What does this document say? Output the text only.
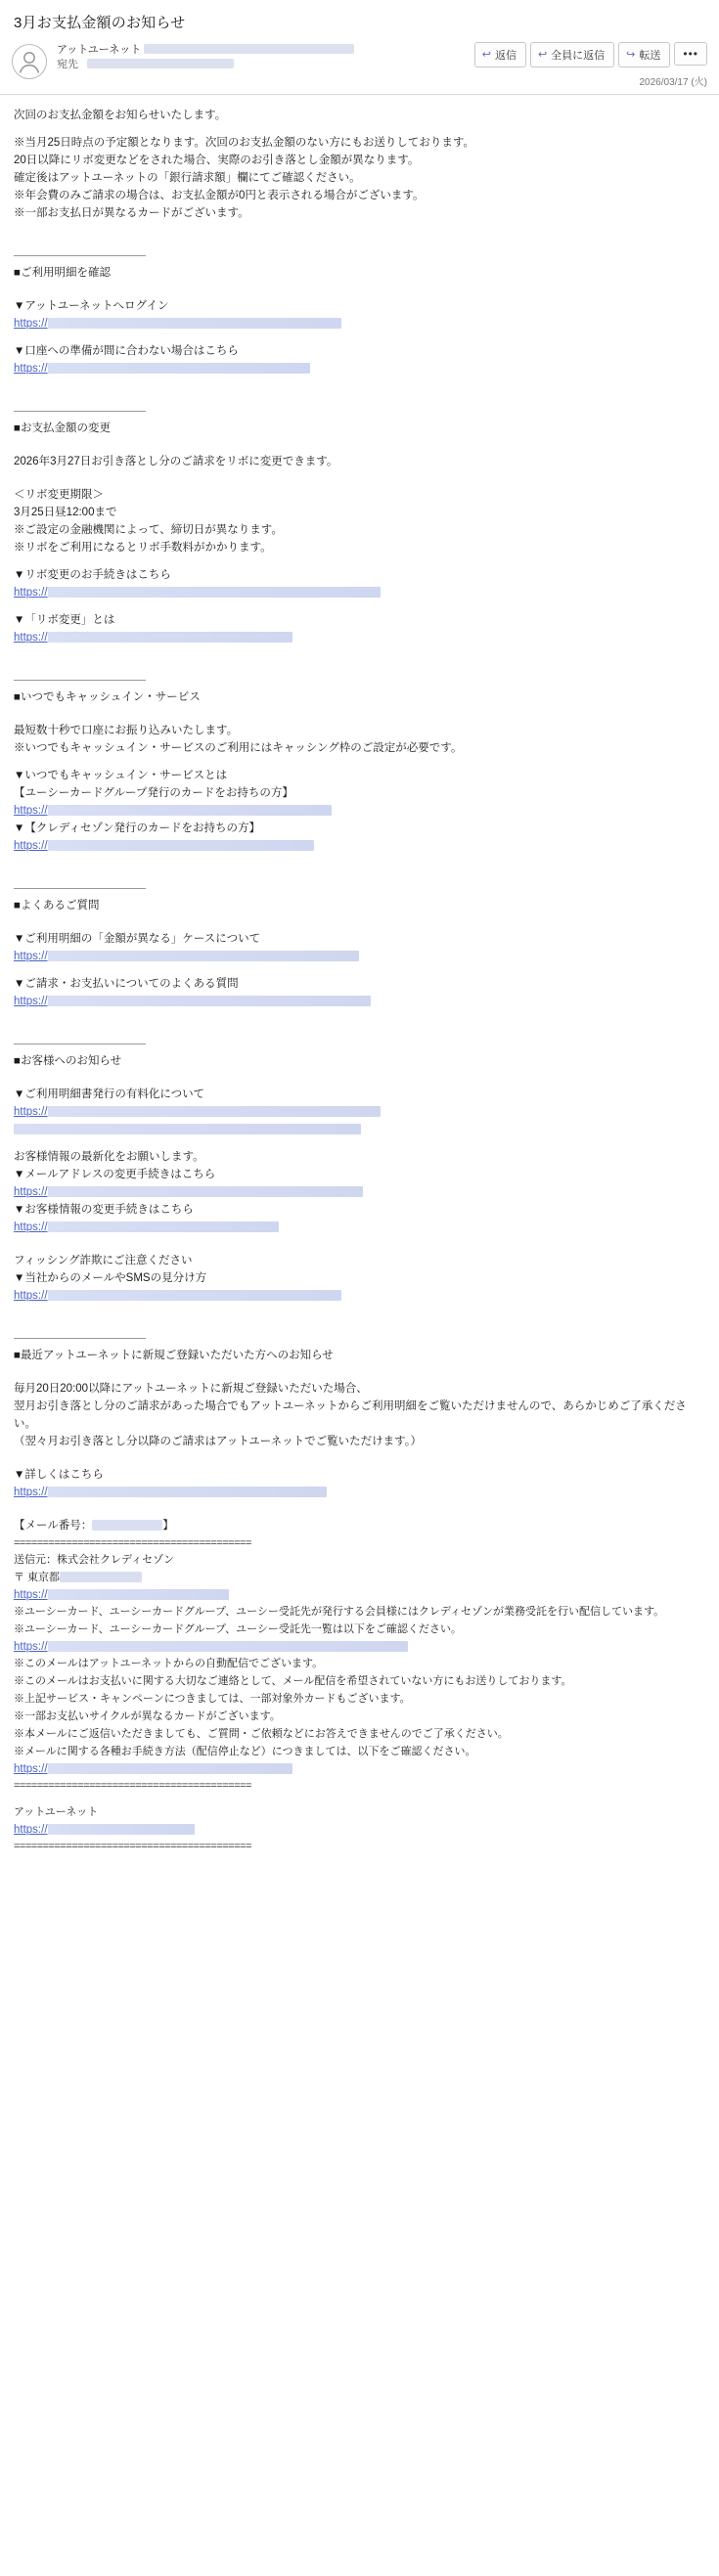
3月お支払金額のお知らせ
アットユーネット
宛先
↩ 返信 ↩ 全員に返信 ↪ 転送 •••
2026/03/17 (火)
次回のお支払金額をお知らせいたします。
※当月25日時点の予定額となります。次回のお支払金額のない方にもお送りしております。
20日以降にリボ変更などをされた場合、実際のお引き落とし金額が異なります。
確定後はアットユーネットの「銀行請求額」欄にてご確認ください。
※年会費のみご請求の場合は、お支払金額が0円と表示される場合がございます。
※一部お支払日が異なるカードがございます。
■ご利用明細を確認
▼アットユーネットへログイン
https://
▼口座への準備が間に合わない場合はこちら
https://
■お支払金額の変更
2026年3月27日お引き落とし分のご請求をリボに変更できます。
＜リボ変更期限＞
3月25日昼12:00まで
※ご設定の金融機関によって、締切日が異なります。
※リボをご利用になるとリボ手数料がかかります。
▼リボ変更のお手続きはこちら
https://
▼「リボ変更」とは
https://
■いつでもキャッシュイン・サービス
最短数十秒で口座にお振り込みいたします。
※いつでもキャッシュイン・サービスのご利用にはキャッシング枠のご設定が必要です。
▼いつでもキャッシュイン・サービスとは
【ユーシーカードグループ発行のカードをお持ちの方】
https://
▼【クレディセゾン発行のカードをお持ちの方】
https://
■よくあるご質問
▼ご利用明細の「金額が異なる」ケースについて
https://
▼ご請求・お支払いについてのよくある質問
https://
■お客様へのお知らせ
▼ご利用明細書発行の有料化について
https://
お客様情報の最新化をお願いします。
▼メールアドレスの変更手続きはこちら
https://
▼お客様情報の変更手続きはこちら
https://
フィッシング詐欺にご注意ください
▼当社からのメールやSMSの見分け方
https://
■最近アットユーネットに新規ご登録いただいた方へのお知らせ
毎月20日20:00以降にアットユーネットに新規ご登録いただいた場合、
翌月お引き落とし分のご請求があった場合でもアットユーネットからご利用明細をご覧いただけませんので、あらかじめご了承ください。
（翌々月お引き落とし分以降のご請求はアットユーネットでご覧いただけます。）
▼詳しくはこちら
https://
【メール番号：	】
=========================================
送信元：株式会社クレディセゾン
〒 東京都
https://
※ユーシーカード、ユーシーカードグループ、ユーシー受託先が発行する会員様にはクレディセゾンが業務受託を行い配信しています。
※ユーシーカード、ユーシーカードグループ、ユーシー受託先一覧は以下をご確認ください。
https://
※このメールはアットユーネットからの自動配信でございます。
※このメールはお支払いに関する大切なご連絡として、メール配信を希望されていない方にもお送りしております。
※上記サービス・キャンペーンにつきましては、一部対象外カードもございます。
※一部お支払いサイクルが異なるカードがございます。
※本メールにご返信いただきましても、ご質問・ご依頼などにお答えできませんのでご了承ください。
※メールに関する各種お手続き方法（配信停止など）につきましては、以下をご確認ください。
https://
=========================================
アットユーネット
https://
=========================================
